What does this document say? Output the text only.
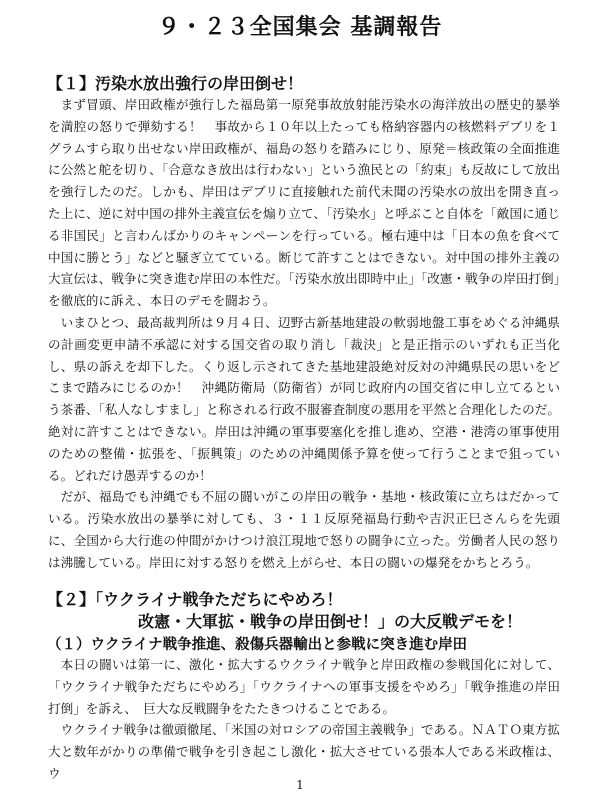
９・２３全国集会 基調報告
【１】汚染水放出強行の岸田倒せ！

まず冒頭、岸田政権が強行した福島第一原発事故放射能汚染水の海洋放出の歴史的暴挙を満腔の怒りで弾劾する！　事故から１０年以上たっても格納容器内の核燃料デブリを１グラムすら取り出せない岸田政権が、福島の怒りを踏みにじり、原発＝核政策の全面推進に公然と舵を切り、「合意なき放出は行わない」という漁民との「約束」も反故にして放出を強行したのだ。しかも、岸田はデブリに直接触れた前代未聞の汚染水の放出を開き直った上に、逆に対中国の排外主義宣伝を煽り立て、「汚染水」と呼ぶこと自体を「敵国に通じる非国民」と言わんばかりのキャンペーンを行っている。極右連中は「日本の魚を食べて中国に勝とう」などと騒ぎ立てている。断じて許すことはできない。対中国の排外主義の大宣伝は、戦争に突き進む岸田の本性だ。「汚染水放出即時中止」「改憲・戦争の岸田打倒」を徹底的に訴え、本日のデモを闘おう。

いまひとつ、最高裁判所は９月４日、辺野古新基地建設の軟弱地盤工事をめぐる沖縄県の計画変更申請不承認に対する国交省の取り消し「裁決」と是正指示のいずれも正当化し、県の訴えを却下した。くり返し示されてきた基地建設絶対反対の沖縄県民の思いをどこまで踏みにじるのか！　沖縄防衛局（防衛省）が同じ政府内の国交省に申し立てるという茶番、「私人なしすまし」と称される行政不服審査制度の悪用を平然と合理化したのだ。絶対に許すことはできない。岸田は沖縄の軍事要塞化を推し進め、空港・港湾の軍事使用のための整備・拡張を、「振興策」のための沖縄関係予算を使って行うことまで狙っている。どれだけ愚弄するのか！

だが、福島でも沖縄でも不屈の闘いがこの岸田の戦争・基地・核政策に立ちはだかっている。汚染水放出の暴挙に対しても、３・１１反原発福島行動や吉沢正巳さんらを先頭に、全国から大行進の仲間がかけつけ浪江現地で怒りの闘争に立った。労働者人民の怒りは沸騰している。岸田に対する怒りを燃え上がらせ、本日の闘いの爆発をかちとろう。

【２】「ウクライナ戦争ただちにやめろ！
改憲・大軍拡・戦争の岸田倒せ！」の大反戦デモを！
（１）ウクライナ戦争推進、殺傷兵器輸出と参戦に突き進む岸田

本日の闘いは第一に、激化・拡大するウクライナ戦争と岸田政権の参戦国化に対して、「ウクライナ戦争ただちにやめろ」「ウクライナへの軍事支援をやめろ」「戦争推進の岸田打倒」を訴え、　巨大な反戦闘争をたたきつけることである。

ウクライナ戦争は徹頭徹尾、「米国の対ロシアの帝国主義戦争」である。ＮＡＴＯ東方拡大と数年がかりの準備で戦争を引き起こし激化・拡大させている張本人である米政権は、ウ

1
